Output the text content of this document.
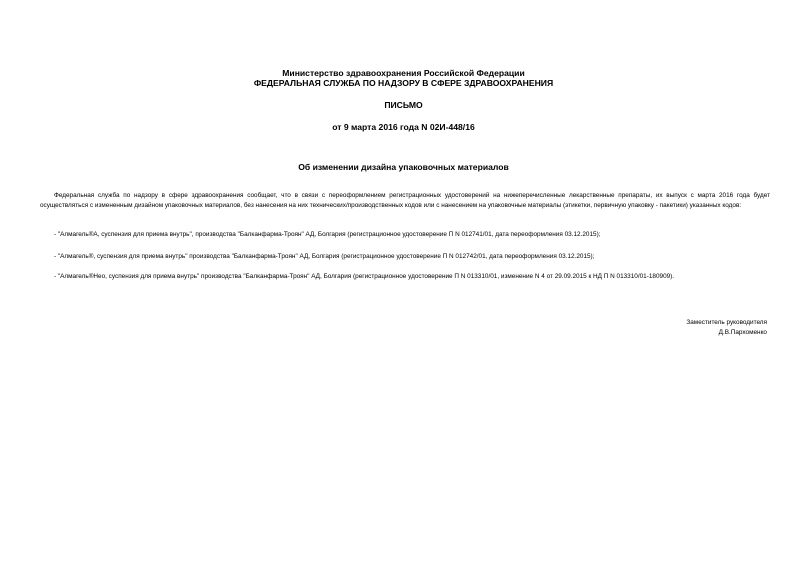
Министерство здравоохранения Российской Федерации
ФЕДЕРАЛЬНАЯ СЛУЖБА ПО НАДЗОРУ В СФЕРЕ ЗДРАВООХРАНЕНИЯ
ПИСЬМО
от 9 марта 2016 года N 02И-448/16
Об изменении дизайна упаковочных материалов
Федеральная служба по надзору в сфере здравоохранения сообщает, что в связи с переоформлением регистрационных удостоверений на нижеперечисленные лекарственные препараты, их выпуск с марта 2016 года будет осуществляться с измененным дизайном упаковочных материалов, без нанесения на них технических/производственных кодов или с нанесением на упаковочные материалы (этикетки, первичную упаковку - пакетики) указанных кодов:
- "Алмагель®А, суспензия для приема внутрь", производства "Балканфарма-Троян" АД, Болгария (регистрационное удостоверение П N 012741/01, дата переоформления 03.12.2015);
- "Алмагель®, суспензия для приема внутрь" производства "Балканфарма-Троян" АД, Болгария (регистрационное удостоверение П N 012742/01, дата переоформления 03.12.2015);
- "Алмагель®Нео, суспензия для приема внутрь" производства "Балканфарма-Троян" АД, Болгария (регистрационное удостоверение П N 013310/01, изменение N 4 от 29.09.2015 к НД П N 013310/01-180909).
Заместитель руководителя
Д.В.Пархоменко
